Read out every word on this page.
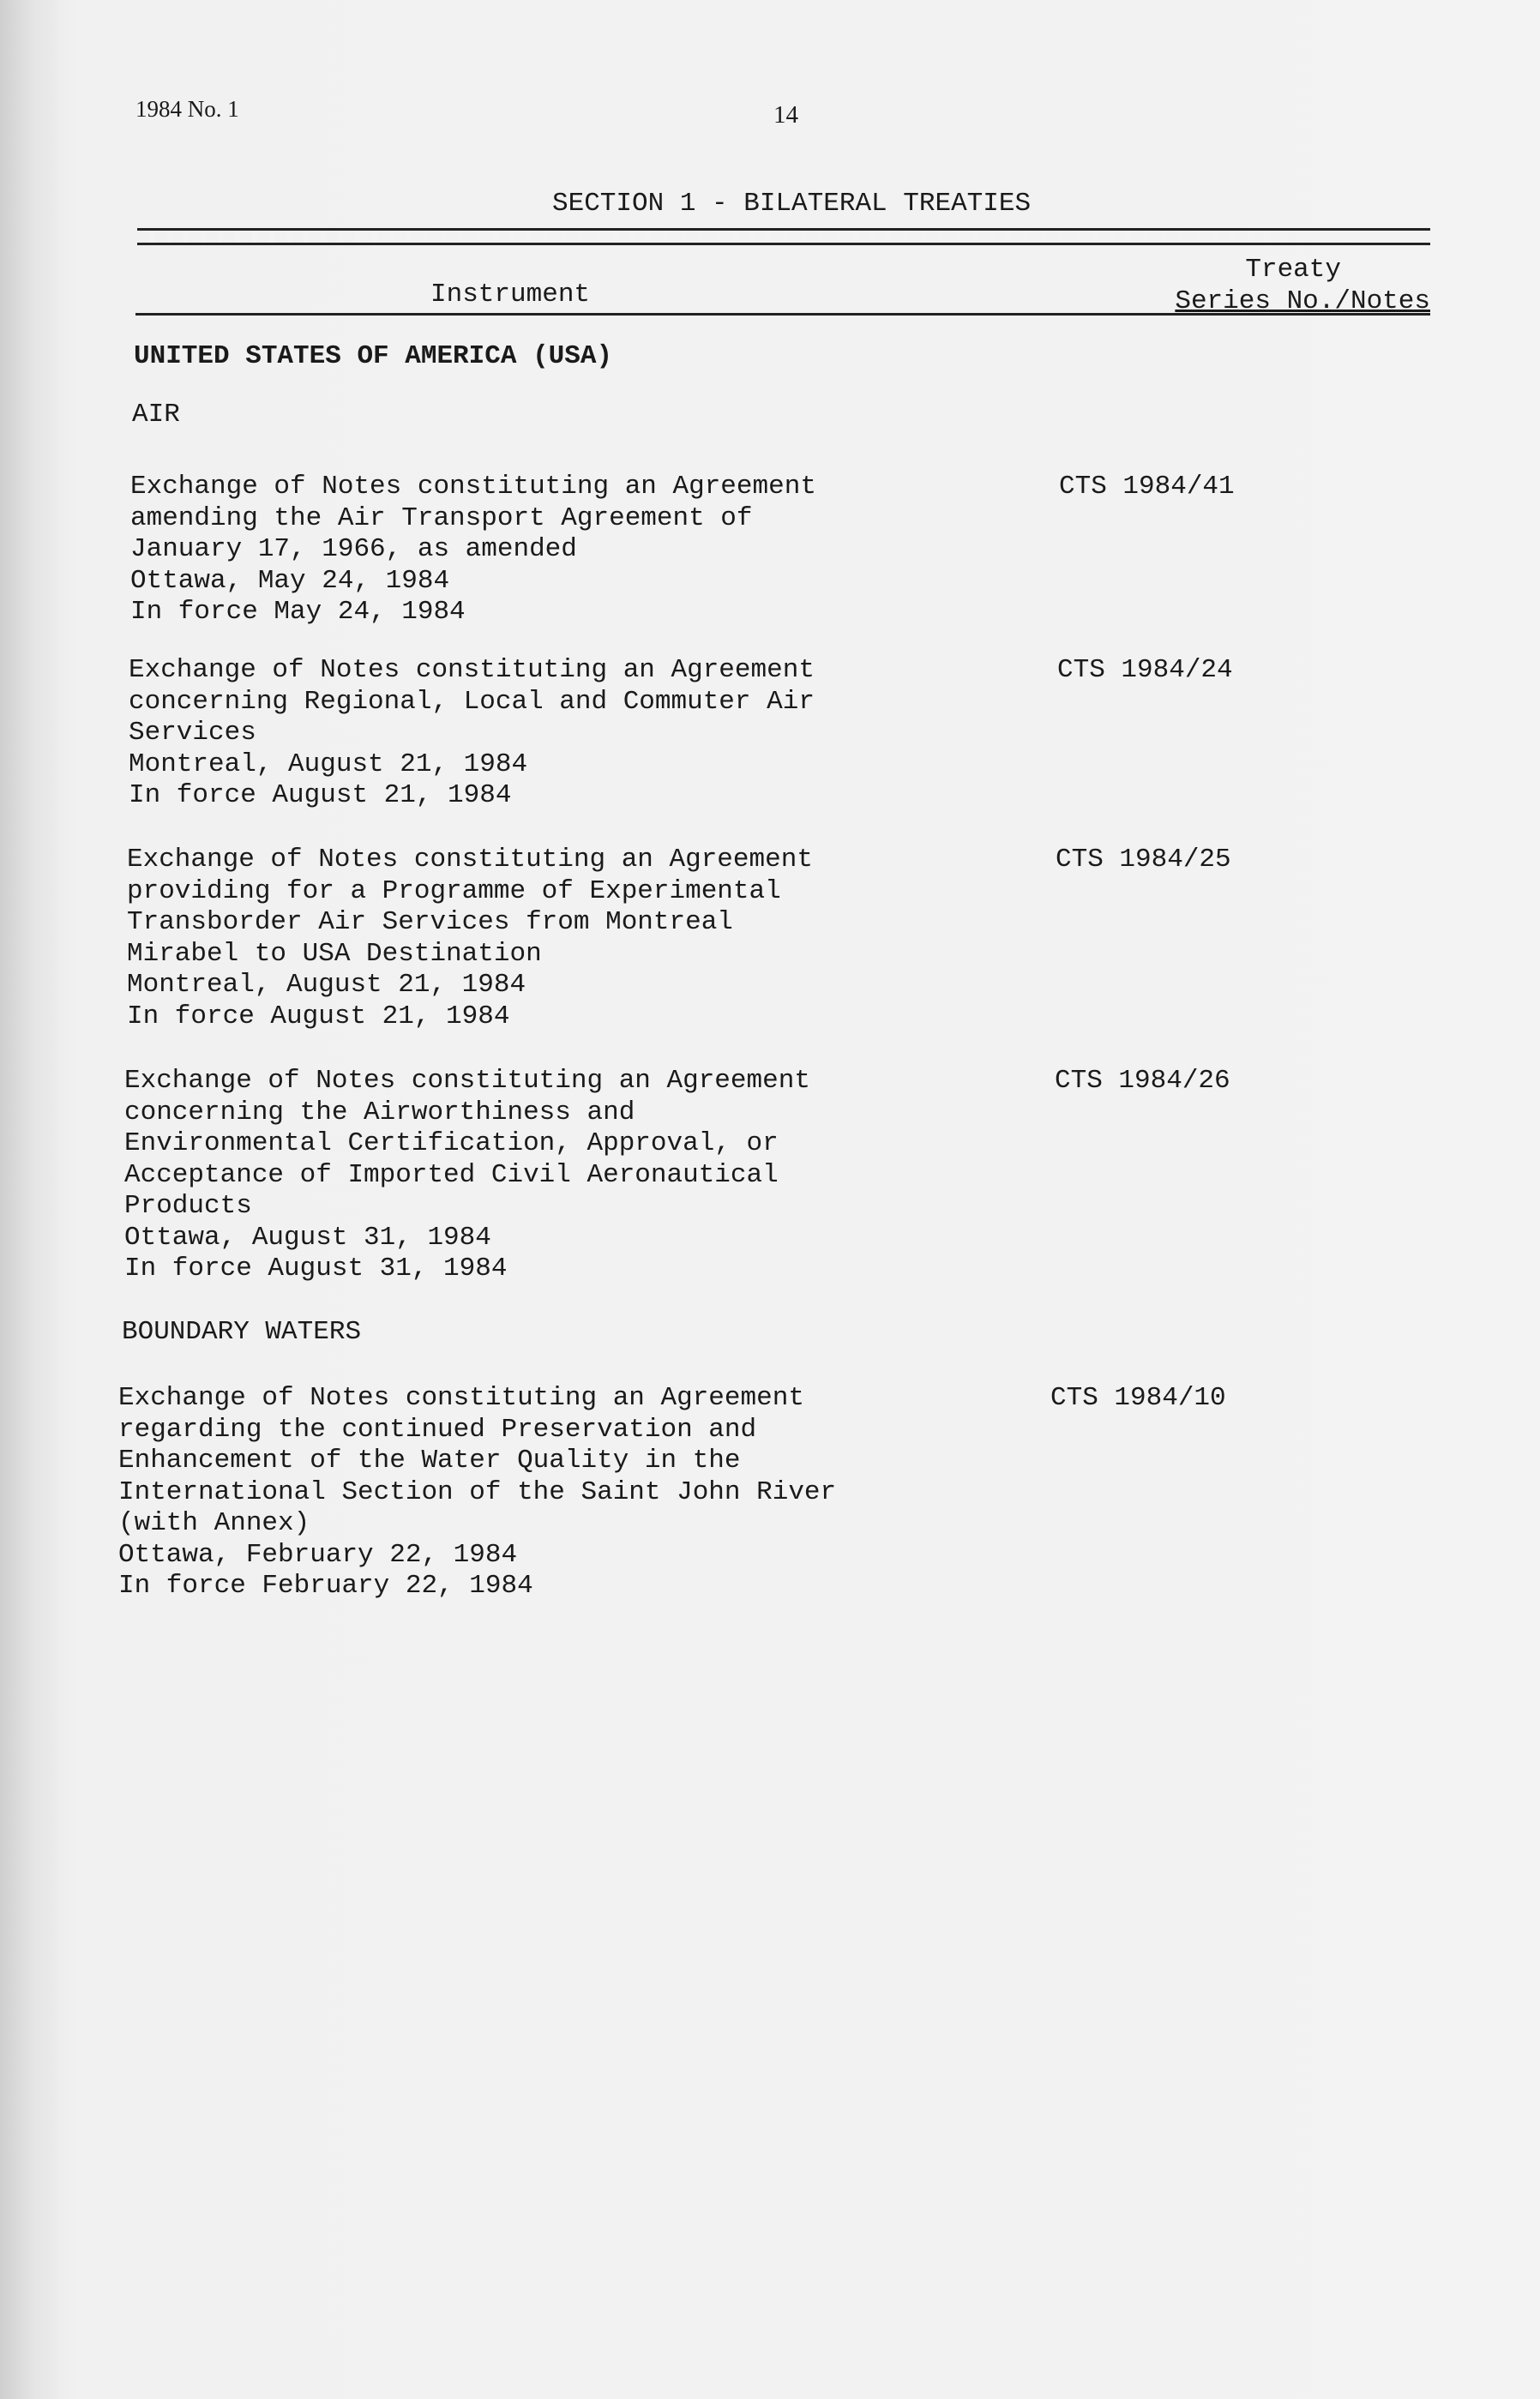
1984 No. 1	14
SECTION 1 - BILATERAL TREATIES
Treaty
Series No./Notes
Instrument
UNITED STATES OF AMERICA (USA)
AIR
Exchange of Notes constituting an Agreement
amending the Air Transport Agreement of
January 17, 1966, as amended
Ottawa, May 24, 1984
In force May 24, 1984
CTS 1984/41
Exchange of Notes constituting an Agreement
concerning Regional, Local and Commuter Air
Services
Montreal, August 21, 1984
In force August 21, 1984
CTS 1984/24
Exchange of Notes constituting an Agreement
providing for a Programme of Experimental
Transborder Air Services from Montreal
Mirabel to USA Destination
Montreal, August 21, 1984
In force August 21, 1984
CTS 1984/25
Exchange of Notes constituting an Agreement
concerning the Airworthiness and
Environmental Certification, Approval, or
Acceptance of Imported Civil Aeronautical
Products
Ottawa, August 31, 1984
In force August 31, 1984
CTS 1984/26
BOUNDARY WATERS
Exchange of Notes constituting an Agreement
regarding the continued Preservation and
Enhancement of the Water Quality in the
International Section of the Saint John River
(with Annex)
Ottawa, February 22, 1984
In force February 22, 1984
CTS 1984/10
